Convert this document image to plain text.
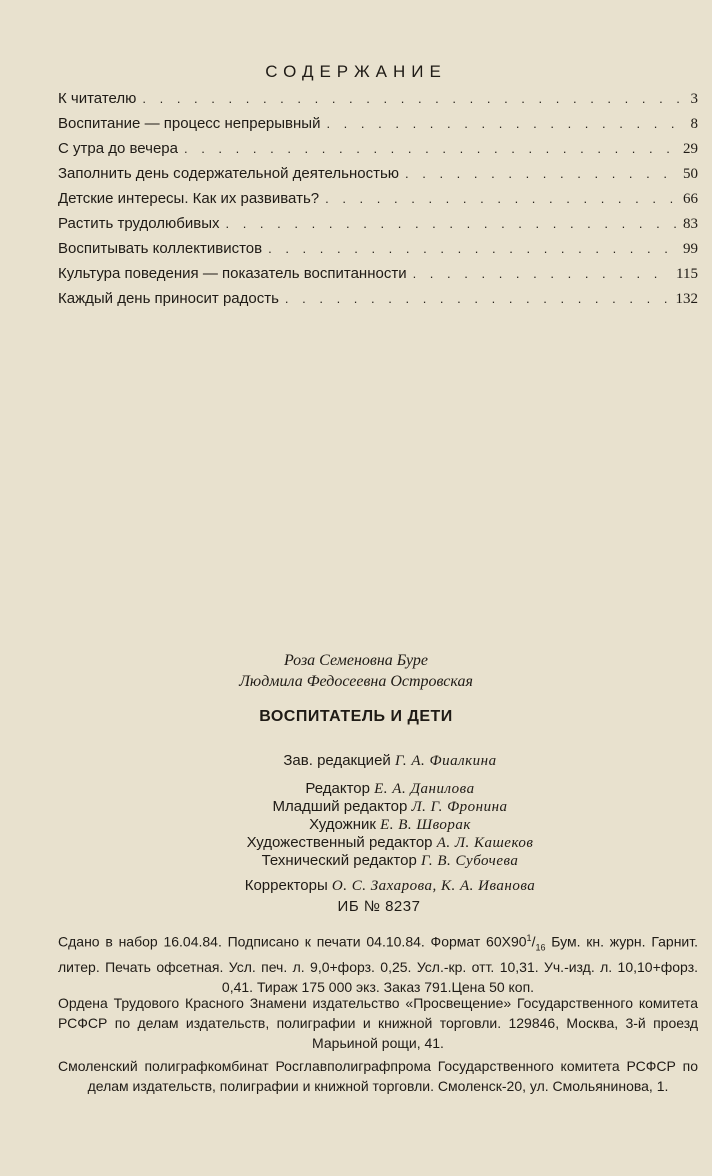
СОДЕРЖАНИЕ
К читателю . . .	3
Воспитание — процесс непрерывный . . .	8
С утра до вечера . . .	29
Заполнить день содержательной деятельностью . . .	50
Детские интересы. Как их развивать? . . .	66
Растить трудолюбивых . . .	83
Воспитывать коллективистов . . .	99
Культура поведения — показатель воспитанности . . .	115
Каждый день приносит радость . . .	132
Роза Семеновна Буре
Людмила Федосеевна Островская
ВОСПИТАТЕЛЬ И ДЕТИ
Зав. редакцией Г. А. Фиалкина
Редактор Е. А. Данилова
Младший редактор Л. Г. Фронина
Художник Е. В. Шворак
Художественный редактор А. Л. Кашеков
Технический редактор Г. В. Субочева
Корректоры О. С. Захарова, К. А. Иванова
ИБ № 8237
Сдано в набор 16.04.84. Подписано к печати 04.10.84. Формат $60Х90^1/_{16}$ Бум. кн. журн. Гарнит. литер. Печать офсетная. Усл. печ. л. 9,0+форз. 0,25. Усл.-кр. отт. 10,31. Уч.-изд. л. 10,10+форз. 0,41. Тираж 175 000 экз. Заказ 791.Цена 50 коп.
Ордена Трудового Красного Знамени издательство «Просвещение» Государственного комитета РСФСР по делам издательств, полиграфии и книжной торговли. 129846, Москва, 3-й проезд Марьиной рощи, 41.
Смоленский полиграфкомбинат Росглавполиграфпрома Государственного комитета РСФСР по делам издательств, полиграфии и книжной торговли. Смоленск-20, ул. Смольянинова, 1.
